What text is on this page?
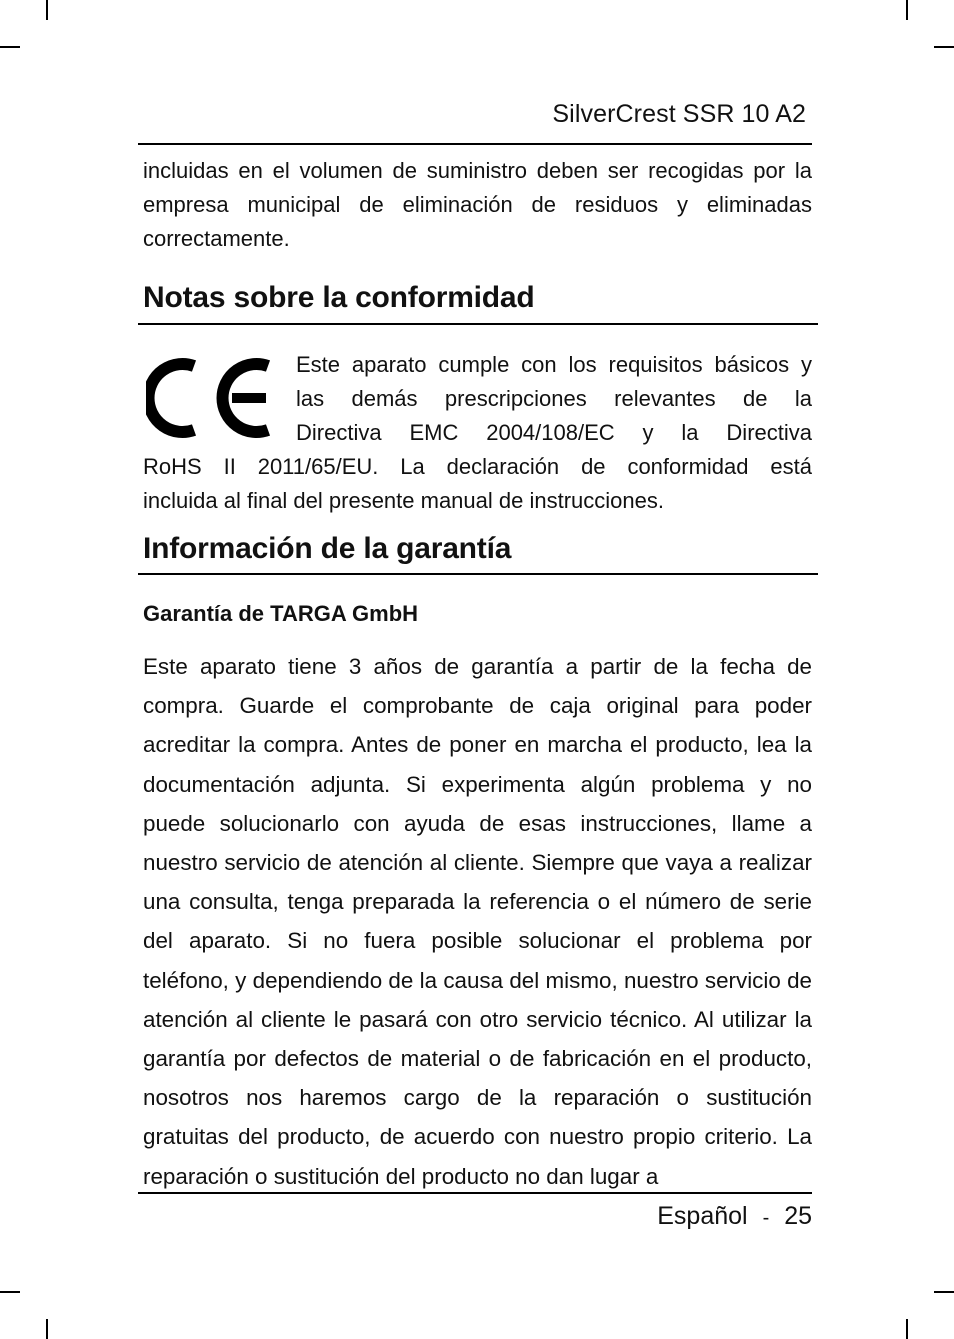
SilverCrest SSR 10 A2

incluidas en el volumen de suministro deben ser recogidas por la empresa municipal de eliminación de residuos y eliminadas correctamente.

Notas sobre la conformidad

Este aparato cumple con los requisitos básicos y

las demás prescripciones relevantes de la

Directiva EMC 2004/108/EC y la Directiva

RoHS II 2011/65/EU. La declaración de conformidad está

incluida al final del presente manual de instrucciones.

Información de la garantía
Garantía de TARGA GmbH

Este aparato tiene 3 años de garantía a partir de la fecha de compra. Guarde el comprobante de caja original para poder acreditar la compra. Antes de poner en marcha el producto, lea la documentación adjunta. Si experimenta algún problema y no puede solucionarlo con ayuda de esas instrucciones, llame a nuestro servicio de atención al cliente. Siempre que vaya a realizar una consulta, tenga preparada la referencia o el número de serie del aparato. Si no fuera posible solucionar el problema por teléfono, y dependiendo de la causa del mismo, nuestro servicio de atención al cliente le pasará con otro servicio técnico. Al utilizar la garantía por defectos de material o de fabricación en el producto, nosotros nos haremos cargo de la reparación o sustitución gratuitas del producto, de acuerdo con nuestro propio criterio. La reparación o sustitución del producto no dan lugar a

Español - 25
